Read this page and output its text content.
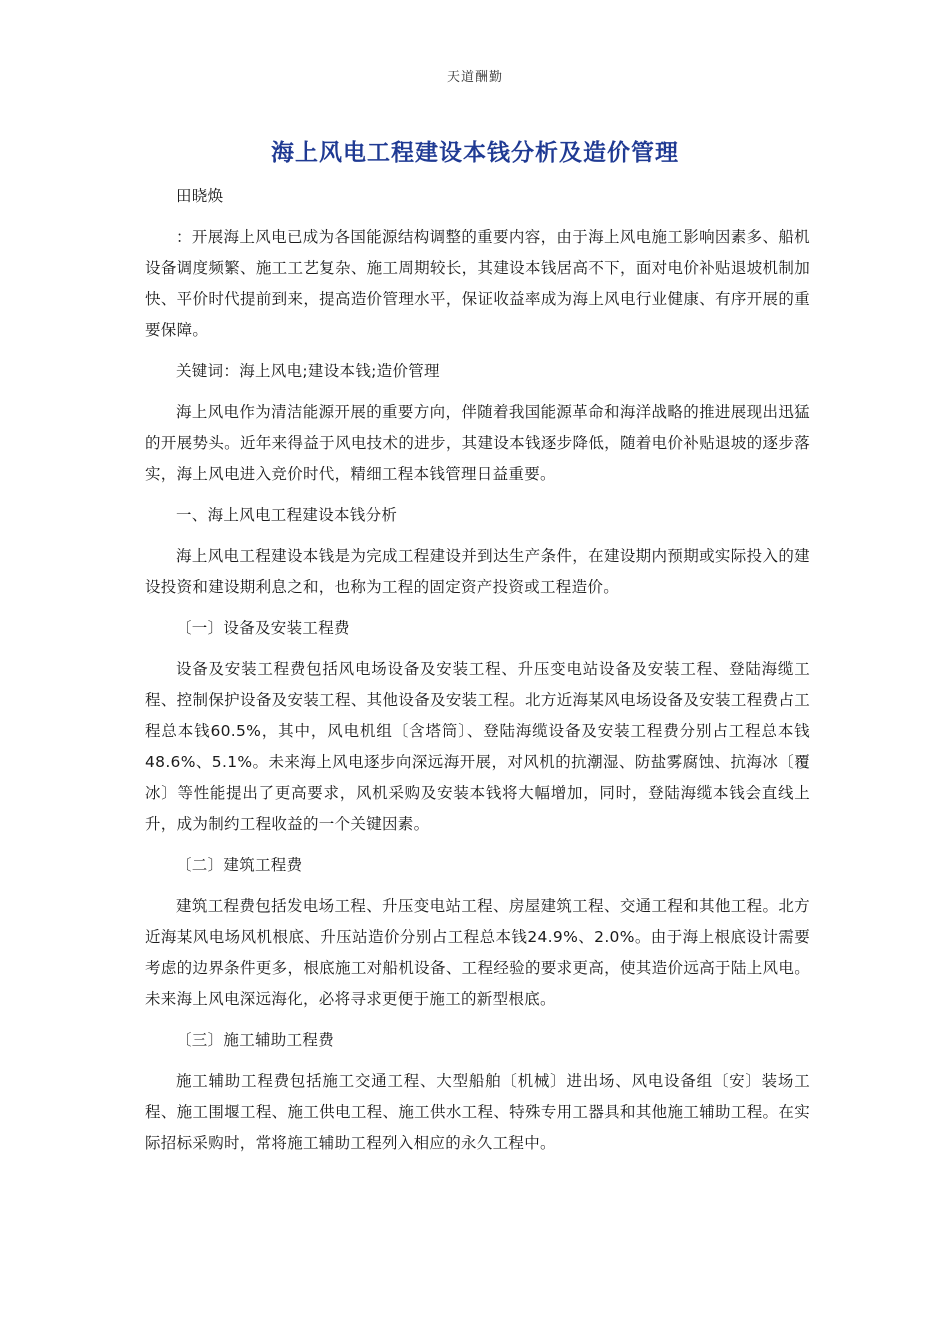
天道酬勤
海上风电工程建设本钱分析及造价管理

田晓焕

：开展海上风电已成为各国能源结构调整的重要内容，由于海上风电施工影响因素多、船机设备调度频繁、施工工艺复杂、施工周期较长，其建设本钱居高不下，面对电价补贴退坡机制加快、平价时代提前到来，提高造价管理水平，保证收益率成为海上风电行业健康、有序开展的重要保障。

关键词：海上风电;建设本钱;造价管理

海上风电作为清洁能源开展的重要方向，伴随着我国能源革命和海洋战略的推进展现出迅猛的开展势头。近年来得益于风电技术的进步，其建设本钱逐步降低，随着电价补贴退坡的逐步落实，海上风电进入竞价时代，精细工程本钱管理日益重要。

一、海上风电工程建设本钱分析

海上风电工程建设本钱是为完成工程建设并到达生产条件，在建设期内预期或实际投入的建设投资和建设期利息之和，也称为工程的固定资产投资或工程造价。

〔一〕设备及安装工程费

设备及安装工程费包括风电场设备及安装工程、升压变电站设备及安装工程、登陆海缆工程、控制保护设备及安装工程、其他设备及安装工程。北方近海某风电场设备及安装工程费占工程总本钱60.5%，其中，风电机组〔含塔筒〕、登陆海缆设备及安装工程费分别占工程总本钱48.6%、5.1%。未来海上风电逐步向深远海开展，对风机的抗潮湿、防盐雾腐蚀、抗海冰〔覆冰〕等性能提出了更高要求，风机采购及安装本钱将大幅增加，同时，登陆海缆本钱会直线上升，成为制约工程收益的一个关键因素。

〔二〕建筑工程费

建筑工程费包括发电场工程、升压变电站工程、房屋建筑工程、交通工程和其他工程。北方近海某风电场风机根底、升压站造价分别占工程总本钱24.9%、2.0%。由于海上根底设计需要考虑的边界条件更多，根底施工对船机设备、工程经验的要求更高，使其造价远高于陆上风电。未来海上风电深远海化，必将寻求更便于施工的新型根底。

〔三〕施工辅助工程费

施工辅助工程费包括施工交通工程、大型船舶〔机械〕进出场、风电设备组〔安〕装场工程、施工围堰工程、施工供电工程、施工供水工程、特殊专用工器具和其他施工辅助工程。在实际招标采购时，常将施工辅助工程列入相应的永久工程中。
